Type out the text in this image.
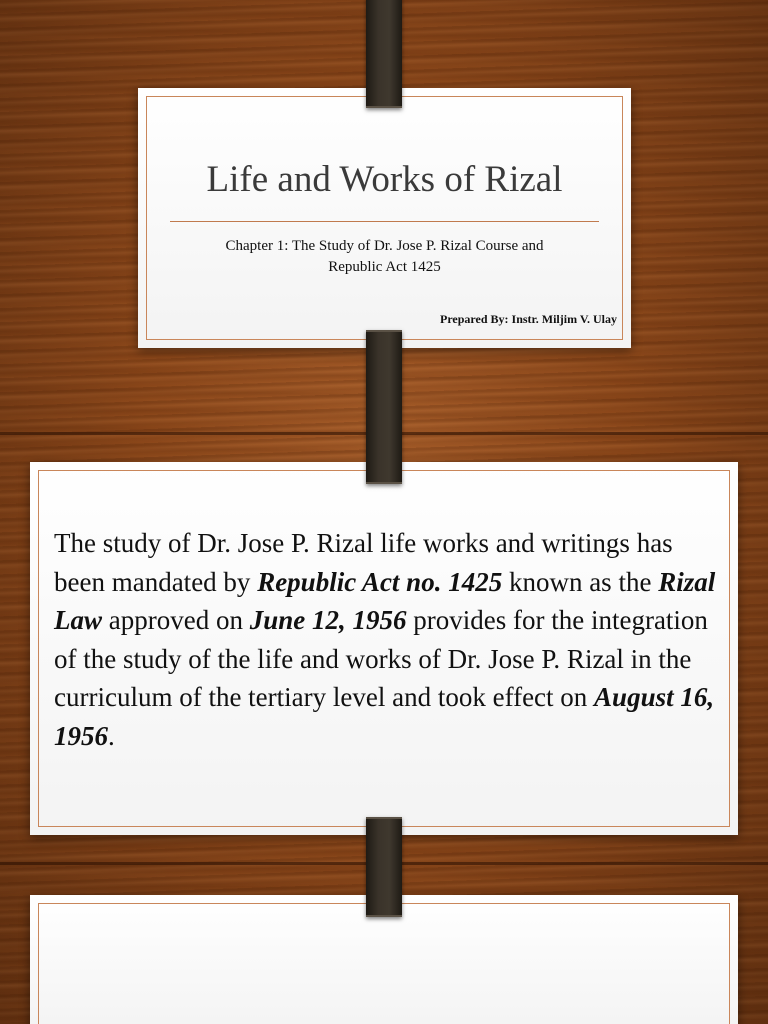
Life and Works of Rizal
Chapter 1: The Study of Dr. Jose P. Rizal Course and
Republic Act 1425
Prepared By: Instr. Miljim V. Ulay
The study of Dr. Jose P. Rizal life works and writings has been mandated by Republic Act no. 1425 known as the Rizal Law approved on June 12, 1956 provides for the integration of the study of the life and works of Dr. Jose P. Rizal in the curriculum of the tertiary level and took effect on August 16, 1956.
